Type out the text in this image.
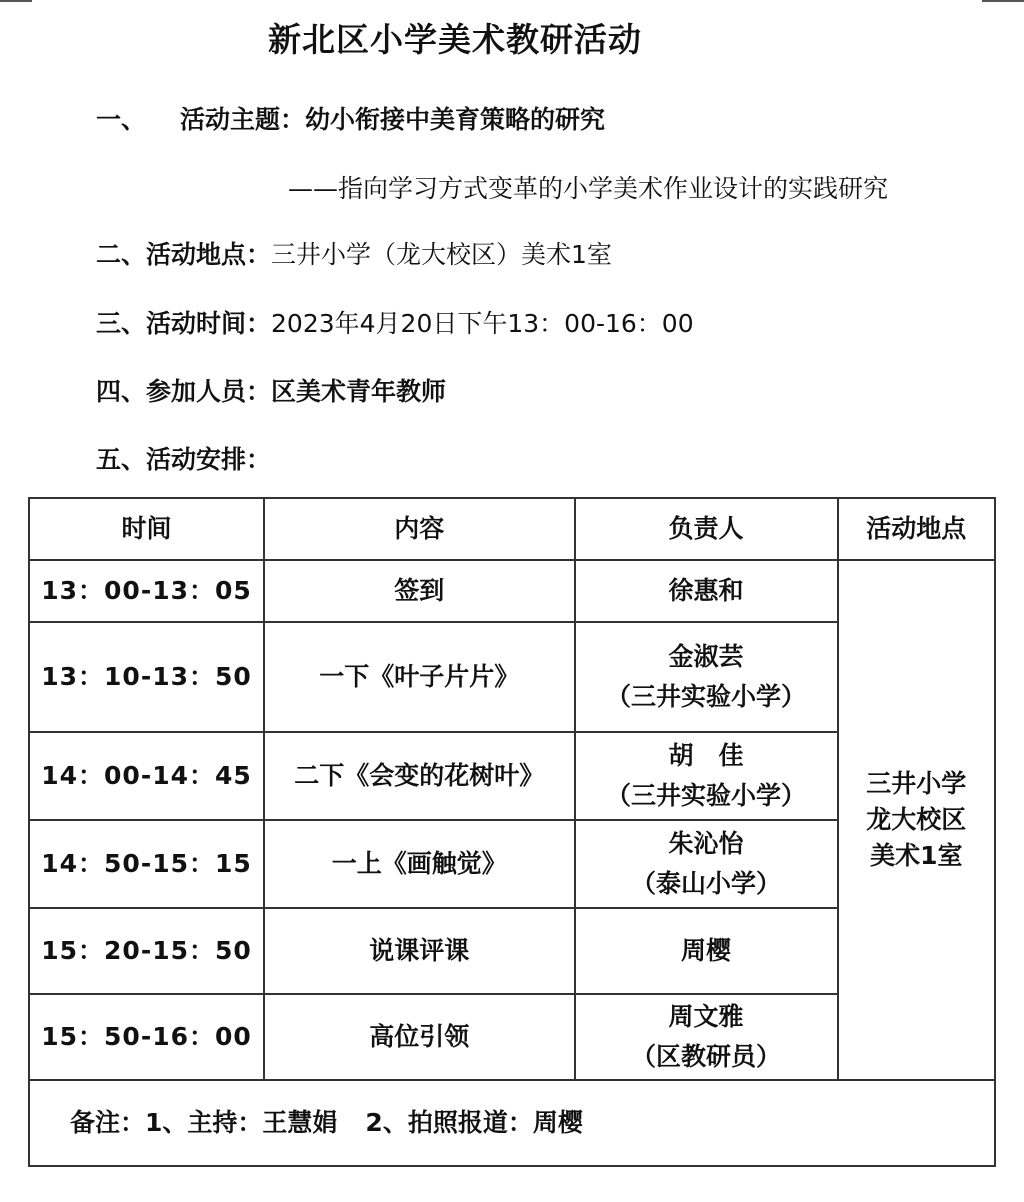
新北区小学美术教研活动
一、 活动主题：幼小衔接中美育策略的研究
——指向学习方式变革的小学美术作业设计的实践研究
二、活动地点：三井小学（龙大校区）美术1室
三、活动时间：2023年4月20日下午13：00-16：00
四、参加人员：区美术青年教师
五、活动安排：
时间	内容	负责人	活动地点
13：00-13：05	签到	徐惠和	三井小学
龙大校区
美术1室

13：10-13：50	一下《叶子片片》	金淑芸
（三井实验小学）	

14：00-14：45	二下《会变的花树叶》	胡　佳
（三井实验小学）	

14：50-15：15	一上《画触觉》	朱沁怡
（泰山小学）	

15：20-15：50	说课评课	周樱	

15：50-16：00	高位引领	周文雅
（区教研员）	

备注：1、主持：王慧娟 2、拍照报道：周樱			
